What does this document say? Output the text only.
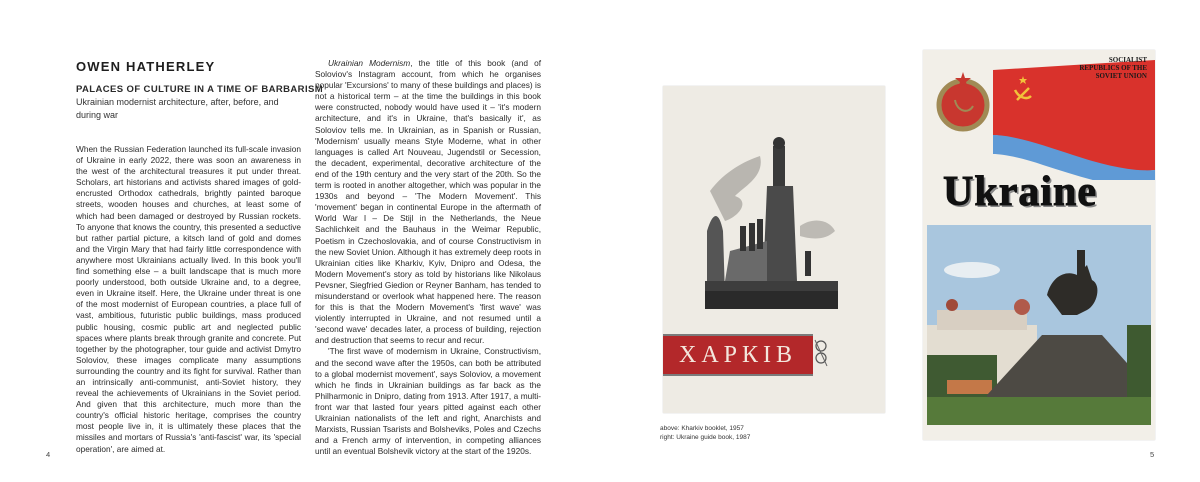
OWEN HATHERLEY
PALACES OF CULTURE IN A TIME OF BARBARISM
Ukrainian modernist architecture, after, before, and during war

When the Russian Federation launched its full-scale invasion of Ukraine in early 2022, there was soon an awareness in the west of the architectural treasures it put under threat. Scholars, art historians and activists shared images of gold-encrusted Orthodox cathedrals, brightly painted baroque streets, wooden houses and churches, at least some of which had been damaged or destroyed by Russian rockets. To anyone that knows the country, this presented a seductive but rather partial picture, a kitsch land of gold and domes and the Virgin Mary that had fairly little correspondence with anywhere most Ukrainians actually lived. In this book you'll find something else – a built landscape that is much more poorly understood, both outside Ukraine and, to a degree, even in Ukraine itself. Here, the Ukraine under threat is one of the most modernist of European countries, a place full of vast, ambitious, futuristic public buildings, mass produced public housing, cosmic public art and neglected public spaces where plants break through granite and concrete. Put together by the photographer, tour guide and activist Dmytro Soloviov, these images complicate many assumptions surrounding the country and its fight for survival. Rather than an intrinsically anti-communist, anti-Soviet history, they reveal the achievements of Ukrainians in the Soviet period. And given that this architecture, much more than the country's official historic heritage, comprises the country most people live in, it is ultimately these places that the missiles and mortars of Russia's 'anti-fascist' war, its 'special operation', are aimed at.

Ukrainian Modernism, the title of this book (and of Soloviov's Instagram account, from which he organises popular 'Excursions' to many of these buildings and places) is not a historical term – at the time the buildings in this book were constructed, nobody would have used it – 'it's modern architecture, and it's in Ukraine, that's basically it', as Soloviov tells me. In Ukrainian, as in Spanish or Russian, 'Modernism' usually means Style Moderne, what in other languages is called Art Nouveau, Jugendstil or Secession, the decadent, experimental, decorative architecture of the end of the 19th century and the very start of the 20th. So the term is rooted in another altogether, which was popular in the 1930s and beyond – 'The Modern Movement'. This 'movement' began in continental Europe in the aftermath of World War I – De Stijl in the Netherlands, the Neue Sachlichkeit and the Bauhaus in the Weimar Republic, Poetism in Czechoslovakia, and of course Constructivism in the new Soviet Union. Although it has extremely deep roots in Ukrainian cities like Kharkiv, Kyiv, Dnipro and Odesa, the Modern Movement's story as told by historians like Nikolaus Pevsner, Siegfried Giedion or Reyner Banham, has tended to misunderstand or overlook what happened here. The reason for this is that the Modern Movement's 'first wave' was violently interrupted in Ukraine, and not resumed until a 'second wave' decades later, a process of building, rejection and destruction that seems to recur and recur.

'The first wave of modernism in Ukraine, Constructivism, and the second wave after the 1950s, can both be attributed to a global modernist movement', says Soloviov, a movement which he finds in Ukrainian buildings as far back as the Philharmonic in Dnipro, dating from 1913. After 1917, a multi-front war that lasted four years pitted against each other Ukrainian nationalists of the left and right, Anarchists and Marxists, Russian Tsarists and Bolsheviks, Poles and Czechs and a French army of intervention, in competing alliances until an eventual Bolshevik victory at the start of the 1920s.

4
ХАРКІВ
SOCIALIST
REPUBLICS OF THE
SOVIET UNION
Ukraine
above: Kharkiv booklet, 1957
right: Ukraine guide book, 1987
5
